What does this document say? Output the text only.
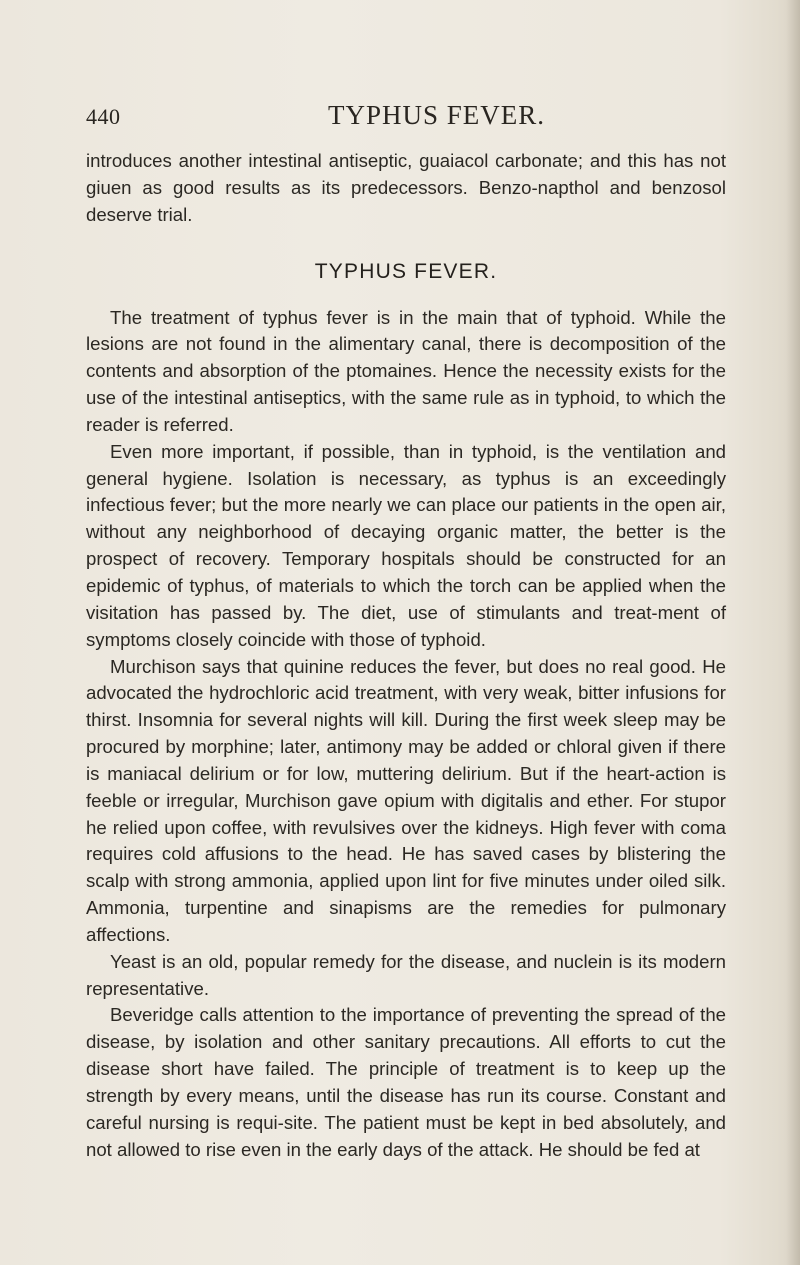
440	TYPHUS FEVER.

introduces another intestinal antiseptic, guaiacol carbonate; and this has not giuen as good results as its predecessors. Benzo-napthol and benzosol deserve trial.

TYPHUS FEVER.

The treatment of typhus fever is in the main that of typhoid. While the lesions are not found in the alimentary canal, there is decomposition of the contents and absorption of the ptomaines. Hence the necessity exists for the use of the intestinal antiseptics, with the same rule as in typhoid, to which the reader is referred.

Even more important, if possible, than in typhoid, is the ventilation and general hygiene. Isolation is necessary, as typhus is an exceedingly infectious fever; but the more nearly we can place our patients in the open air, without any neighborhood of decaying organic matter, the better is the prospect of recovery. Temporary hospitals should be constructed for an epidemic of typhus, of materials to which the torch can be applied when the visitation has passed by. The diet, use of stimulants and treat-ment of symptoms closely coincide with those of typhoid.

Murchison says that quinine reduces the fever, but does no real good. He advocated the hydrochloric acid treatment, with very weak, bitter infusions for thirst. Insomnia for several nights will kill. During the first week sleep may be procured by morphine; later, antimony may be added or chloral given if there is maniacal delirium or for low, muttering delirium. But if the heart-action is feeble or irregular, Murchison gave opium with digitalis and ether. For stupor he relied upon coffee, with revulsives over the kidneys. High fever with coma requires cold affusions to the head. He has saved cases by blistering the scalp with strong ammonia, applied upon lint for five minutes under oiled silk. Ammonia, turpentine and sinapisms are the remedies for pulmonary affections.

Yeast is an old, popular remedy for the disease, and nuclein is its modern representative.

Beveridge calls attention to the importance of preventing the spread of the disease, by isolation and other sanitary precautions. All efforts to cut the disease short have failed. The principle of treatment is to keep up the strength by every means, until the disease has run its course. Constant and careful nursing is requi-site. The patient must be kept in bed absolutely, and not allowed to rise even in the early days of the attack. He should be fed at
